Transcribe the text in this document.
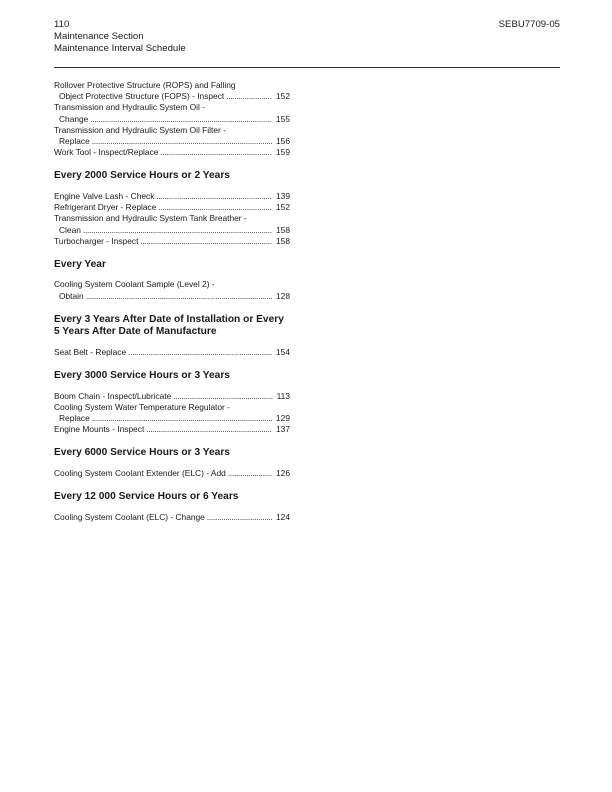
110
Maintenance Section
Maintenance Interval Schedule
SEBU7709-05
Rollover Protective Structure (ROPS) and Falling
Object Protective Structure (FOPS) - Inspect . . .	152
Transmission and Hydraulic System Oil -
Change . . .	155
Transmission and Hydraulic System Oil Filter -
Replace . . .	156
Work Tool - Inspect/Replace . . .	159
Every 2000 Service Hours or 2 Years
Engine Valve Lash - Check . . .	139
Refrigerant Dryer - Replace . . .	152
Transmission and Hydraulic System Tank Breather -
Clean . . .	158
Turbocharger - Inspect . . .	158
Every Year
Cooling System Coolant Sample (Level 2) -
Obtain . . .	128
Every 3 Years After Date of Installation or Every 5 Years After Date of Manufacture
Seat Belt - Replace . . .	154
Every 3000 Service Hours or 3 Years
Boom Chain - Inspect/Lubricate . . .	113
Cooling System Water Temperature Regulator -
Replace . . .	129
Engine Mounts - Inspect . . .	137
Every 6000 Service Hours or 3 Years
Cooling System Coolant Extender (ELC) - Add . . .	126
Every 12 000 Service Hours or 6 Years
Cooling System Coolant (ELC) - Change . . .	124
